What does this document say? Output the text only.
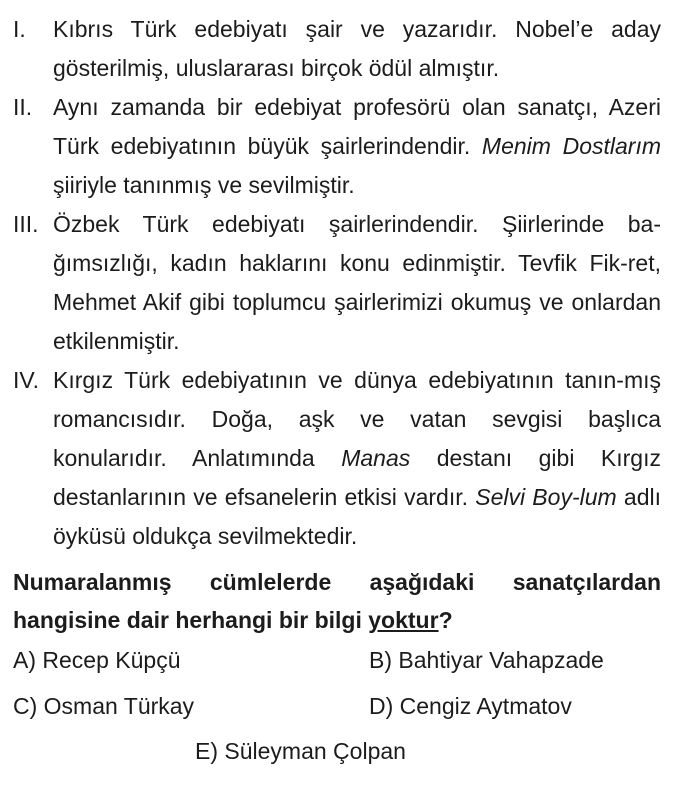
I.	Kıbrıs Türk edebiyatı şair ve yazarıdır. Nobel’e aday gösterilmiş, uluslararası birçok ödül almıştır.
II. Aynı zamanda bir edebiyat profesörü olan sanatçı, Azeri Türk edebiyatının büyük şairlerindendir. Menim Dostlarım şiiriyle tanınmış ve sevilmiştir.
III. Özbek Türk edebiyatı şairlerindendir. Şiirlerinde ba-ğımsızlığı, kadın haklarını konu edinmiştir. Tevfik Fik-ret, Mehmet Akif gibi toplumcu şairlerimizi okumuş ve onlardan etkilenmiştir.
IV. Kırgız Türk edebiyatının ve dünya edebiyatının tanın-mış romancısıdır. Doğa, aşk ve vatan sevgisi başlıca konularıdır. Anlatımında Manas destanı gibi Kırgız destanlarının ve efsanelerin etkisi vardır. Selvi Boy-lum adlı öyküsü oldukça sevilmektedir.
Numaralanmış cümlelerde aşağıdaki sanatçılardan hangisine dair herhangi bir bilgi yoktur?
A) Recep Küpçü	B) Bahtiyar Vahapzade
C) Osman Türkay	D) Cengiz Aytmatov
E) Süleyman Çolpan
